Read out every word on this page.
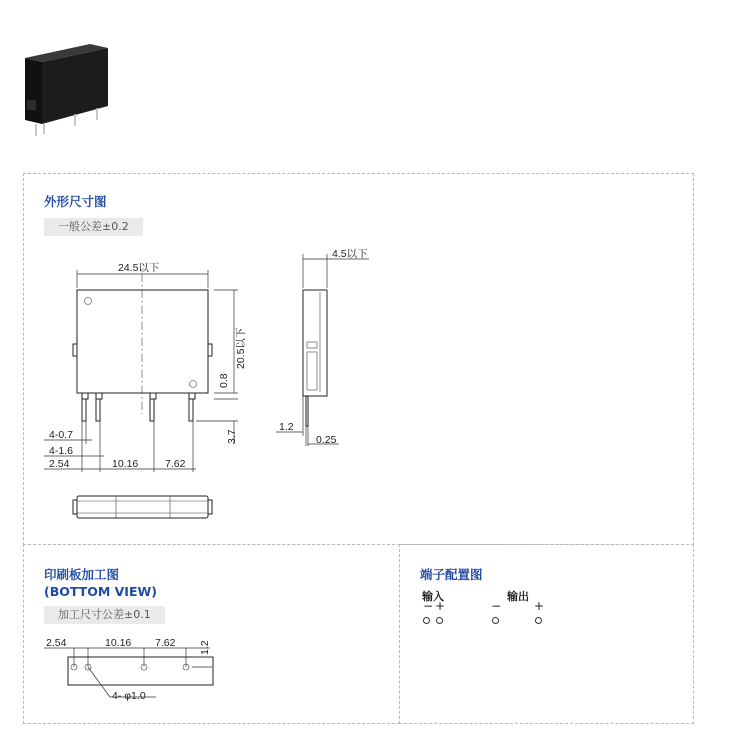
外形尺寸图
一般公差±0.2
24.5以下
20.5以下
0.8
3.7
4-0.7
4-1.6
2.54	10.16	7.62
4.5以下
1.2
0.25
印刷板加工图
(BOTTOM VIEW)
加工尺寸公差±0.1
2.54	10.16 7.62 1.2
4- φ1.0
端子配置图
输入	输出
− +	−	+
